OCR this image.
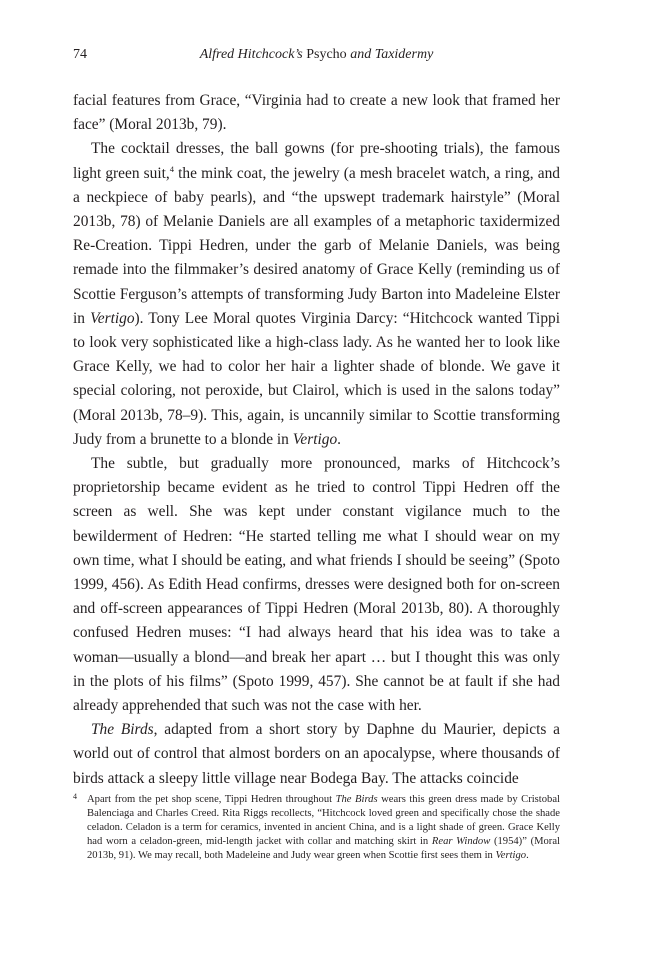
74	Alfred Hitchcock’s Psycho and Taxidermy

facial features from Grace, “Virginia had to create a new look that framed her face” (Moral 2013b, 79).

The cocktail dresses, the ball gowns (for pre-shooting trials), the famous light green suit,$^4$ the mink coat, the jewelry (a mesh bracelet watch, a ring, and a neckpiece of baby pearls), and “the upswept trademark hairstyle” (Moral 2013b, 78) of Melanie Daniels are all examples of a metaphoric taxidermized Re-Creation. Tippi Hedren, under the garb of Melanie Daniels, was being remade into the filmmaker’s desired anatomy of Grace Kelly (reminding us of Scottie Ferguson’s attempts of transforming Judy Barton into Madeleine Elster in Vertigo). Tony Lee Moral quotes Virginia Darcy: “Hitchcock wanted Tippi to look very sophisticated like a high-class lady. As he wanted her to look like Grace Kelly, we had to color her hair a lighter shade of blonde. We gave it special coloring, not peroxide, but Clairol, which is used in the salons today” (Moral 2013b, 78–9). This, again, is uncannily similar to Scottie transforming Judy from a brunette to a blonde in Vertigo.

The subtle, but gradually more pronounced, marks of Hitchcock’s proprietorship became evident as he tried to control Tippi Hedren off the screen as well. She was kept under constant vigilance much to the bewilderment of Hedren: “He started telling me what I should wear on my own time, what I should be eating, and what friends I should be seeing” (Spoto 1999, 456). As Edith Head confirms, dresses were designed both for on-screen and off-screen appearances of Tippi Hedren (Moral 2013b, 80). A thoroughly confused Hedren muses: “I had always heard that his idea was to take a woman—usually a blond—and break her apart … but I thought this was only in the plots of his films” (Spoto 1999, 457). She cannot be at fault if she had already apprehended that such was not the case with her.

The Birds, adapted from a short story by Daphne du Maurier, depicts a world out of control that almost borders on an apocalypse, where thousands of birds attack a sleepy little village near Bodega Bay. The attacks coincide

4 Apart from the pet shop scene, Tippi Hedren throughout The Birds wears this green dress made by Cristobal Balenciaga and Charles Creed. Rita Riggs recollects, “Hitchcock loved green and specifically chose the shade celadon. Celadon is a term for ceramics, invented in ancient China, and is a light shade of green. Grace Kelly had worn a celadon-green, mid-length jacket with collar and matching skirt in Rear Window (1954)” (Moral 2013b, 91). We may recall, both Madeleine and Judy wear green when Scottie first sees them in Vertigo.
